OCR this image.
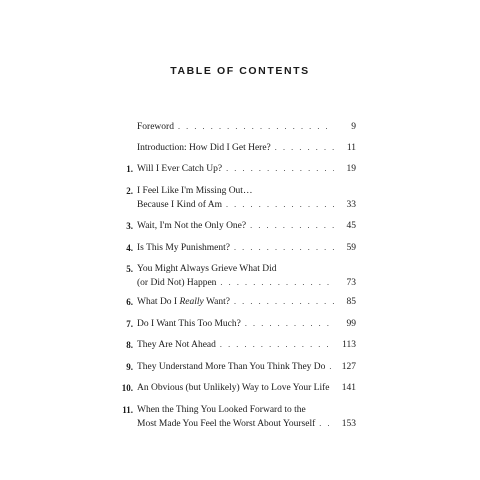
TABLE OF CONTENTS
Foreword . . .	9
Introduction: How Did I Get Here? . . .	11
1. Will I Ever Catch Up? . . .	19
2. I Feel Like I'm Missing Out…
Because I Kind of Am . . .	33
3. Wait, I'm Not the Only One? . . .	45
4. Is This My Punishment? . . .	59
5. You Might Always Grieve What Did
(or Did Not) Happen . . .	73
6. What Do I Really Want? . . .	85
7. Do I Want This Too Much? . . .	99
8. They Are Not Ahead . . .	113
9. They Understand More Than You Think They Do . . .	127
10. An Obvious (but Unlikely) Way to Love Your Life . . .	141
11. When the Thing You Looked Forward to the
Most Made You Feel the Worst About Yourself . . .	153
